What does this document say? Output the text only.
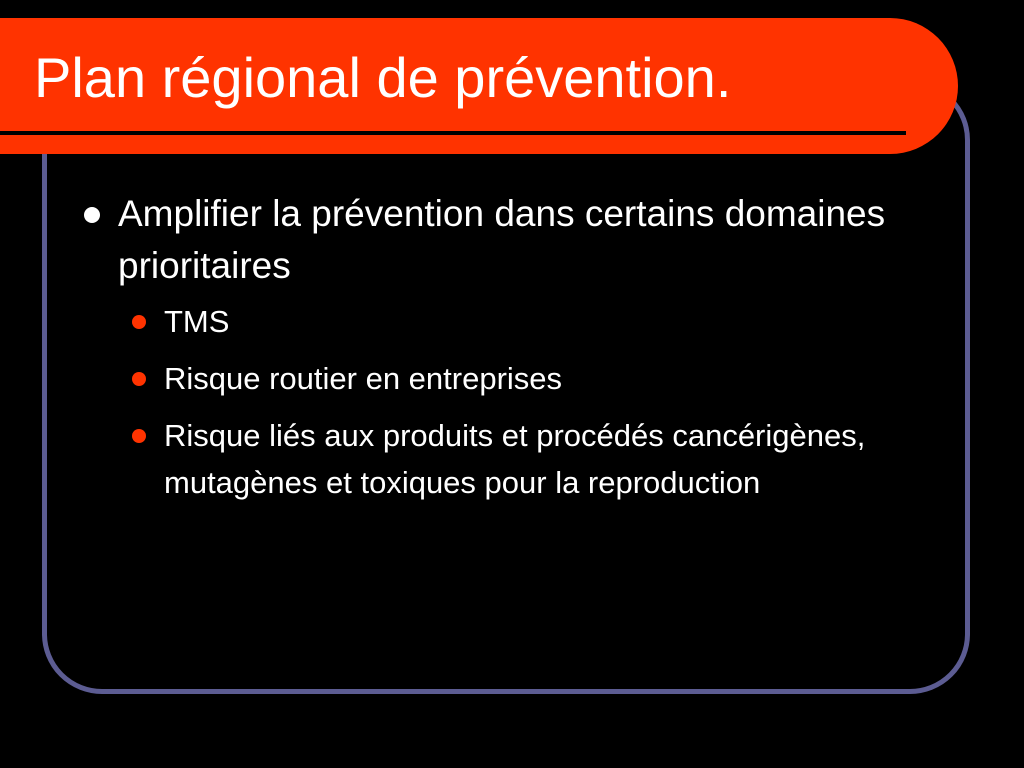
Plan régional de prévention.
Amplifier la prévention dans certains domaines prioritaires
TMS
Risque routier en entreprises
Risque liés aux produits et procédés cancérigènes, mutagènes et toxiques pour la reproduction
